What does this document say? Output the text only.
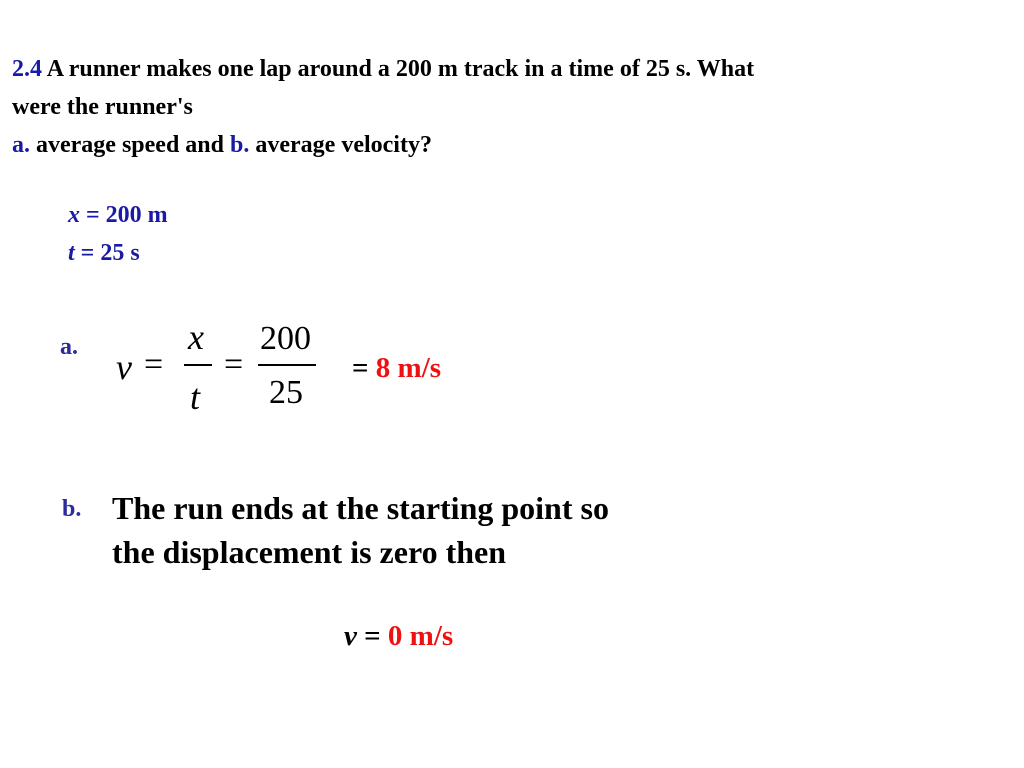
2.4 A runner makes one lap around a 200 m track in a time of 25 s. What
were the runner's
a. average speed and b. average velocity?
x = 200 m
t = 25 s
a. v =
x
t
=
200
25
= 8 m/s
b. The run ends at the starting point so
the displacement is zero then
v = 0 m/s
